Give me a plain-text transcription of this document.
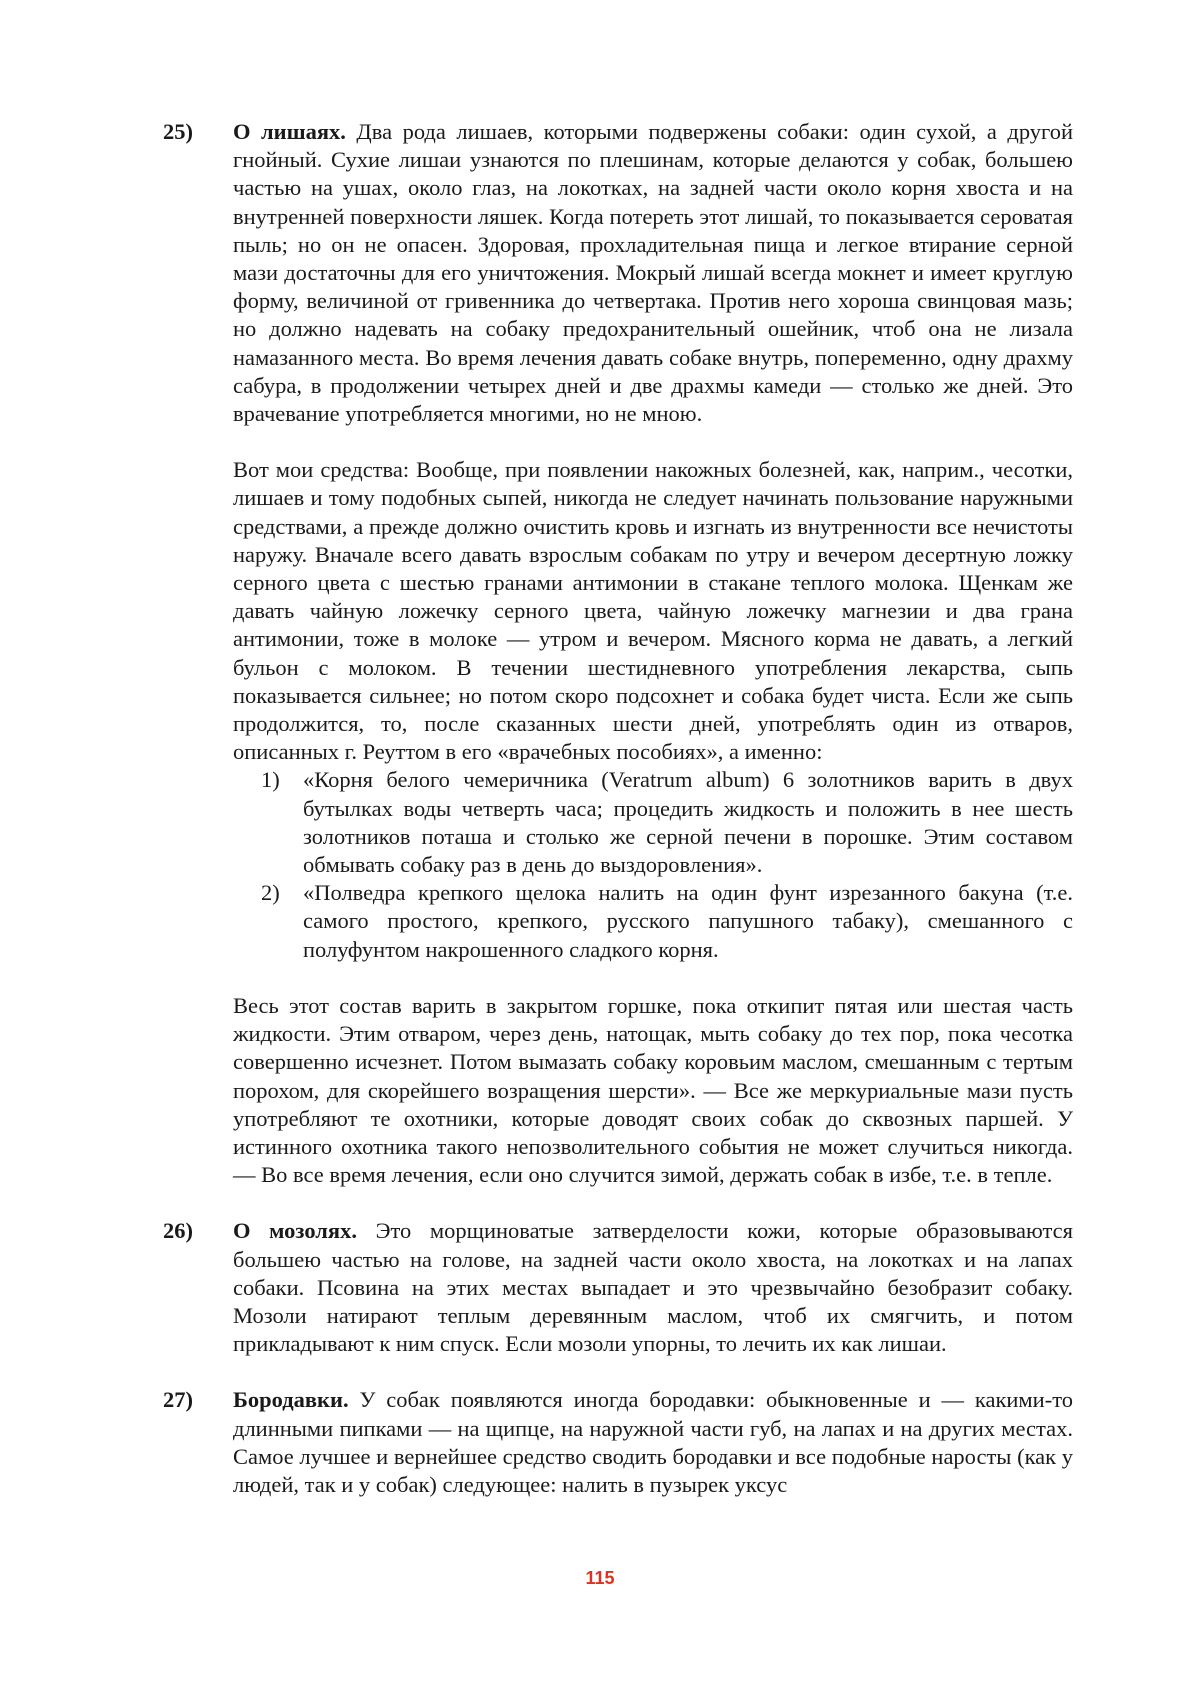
25)	О лишаях. Два рода лишаев, которыми подвержены собаки: один сухой, а другой гнойный. Сухие лишаи узнаются по плешинам, которые делаются у собак, большею частью на ушах, около глаз, на локотках, на задней части около корня хвоста и на внутренней поверхности ляшек. Когда потереть этот лишай, то показывается сероватая пыль; но он не опасен. Здоровая, прохладительная пища и легкое втирание серной мази достаточны для его уничтожения. Мокрый лишай всегда мокнет и имеет круглую форму, величиной от гривенника до четвертака. Против него хороша свинцовая мазь; но должно надевать на собаку предохранительный ошейник, чтоб она не лизала намазанного места. Во время лечения давать собаке внутрь, попеременно, одну драхму сабура, в продолжении четырех дней и две драхмы камеди — столько же дней. Это врачевание употребляется многими, но не мною.

Вот мои средства: Вообще, при появлении накожных болезней, как, наприм., чесотки, лишаев и тому подобных сыпей, никогда не следует начинать пользование наружными средствами, а прежде должно очистить кровь и изгнать из внутренности все нечистоты наружу. Вначале всего давать взрослым собакам по утру и вечером десертную ложку серного цвета с шестью гранами антимонии в стакане теплого молока. Щенкам же давать чайную ложечку серного цвета, чайную ложечку магнезии и два грана антимонии, тоже в молоке — утром и вечером. Мясного корма не давать, а легкий бульон с молоком. В течении шестидневного употребления лекарства, сыпь показывается сильнее; но потом скоро подсохнет и собака будет чиста. Если же сыпь продолжится, то, после сказанных шести дней, употреблять один из отваров, описанных г. Реуттом в его «врачебных пособиях», а именно:

1)	«Корня белого чемеричника (Veratrum album) 6 золотников варить в двух бутылках воды четверть часа; процедить жидкость и положить в нее шесть золотников поташа и столько же серной печени в порошке. Этим составом обмывать собаку раз в день до выздоровления».

2)	«Полведра крепкого щелока налить на один фунт изрезанного бакуна (т.е. самого простого, крепкого, русского папушного табаку), смешанного с полуфунтом накрошенного сладкого корня.

Весь этот состав варить в закрытом горшке, пока откипит пятая или шестая часть жидкости. Этим отваром, через день, натощак, мыть собаку до тех пор, пока чесотка совершенно исчезнет. Потом вымазать собаку коровьим маслом, смешанным с тертым порохом, для скорейшего возращения шерсти». — Все же меркуриальные мази пусть употребляют те охотники, которые доводят своих собак до сквозных паршей. У истинного охотника такого непозволительного события не может случиться никогда. — Во все время лечения, если оно случится зимой, держать собак в избе, т.е. в тепле.

26)	О мозолях. Это морщиноватые затверделости кожи, которые образовываются большею частью на голове, на задней части около хвоста, на локотках и на лапах собаки. Псовина на этих местах выпадает и это чрезвычайно безобразит собаку. Мозоли натирают теплым деревянным маслом, чтоб их смягчить, и потом прикладывают к ним спуск. Если мозоли упорны, то лечить их как лишаи.

27)	Бородавки. У собак появляются иногда бородавки: обыкновенные и — какими-то длинными пипками — на щипце, на наружной части губ, на лапах и на других местах. Самое лучшее и вернейшее средство сводить бородавки и все подобные наросты (как у людей, так и у собак) следующее: налить в пузырек уксус

115
